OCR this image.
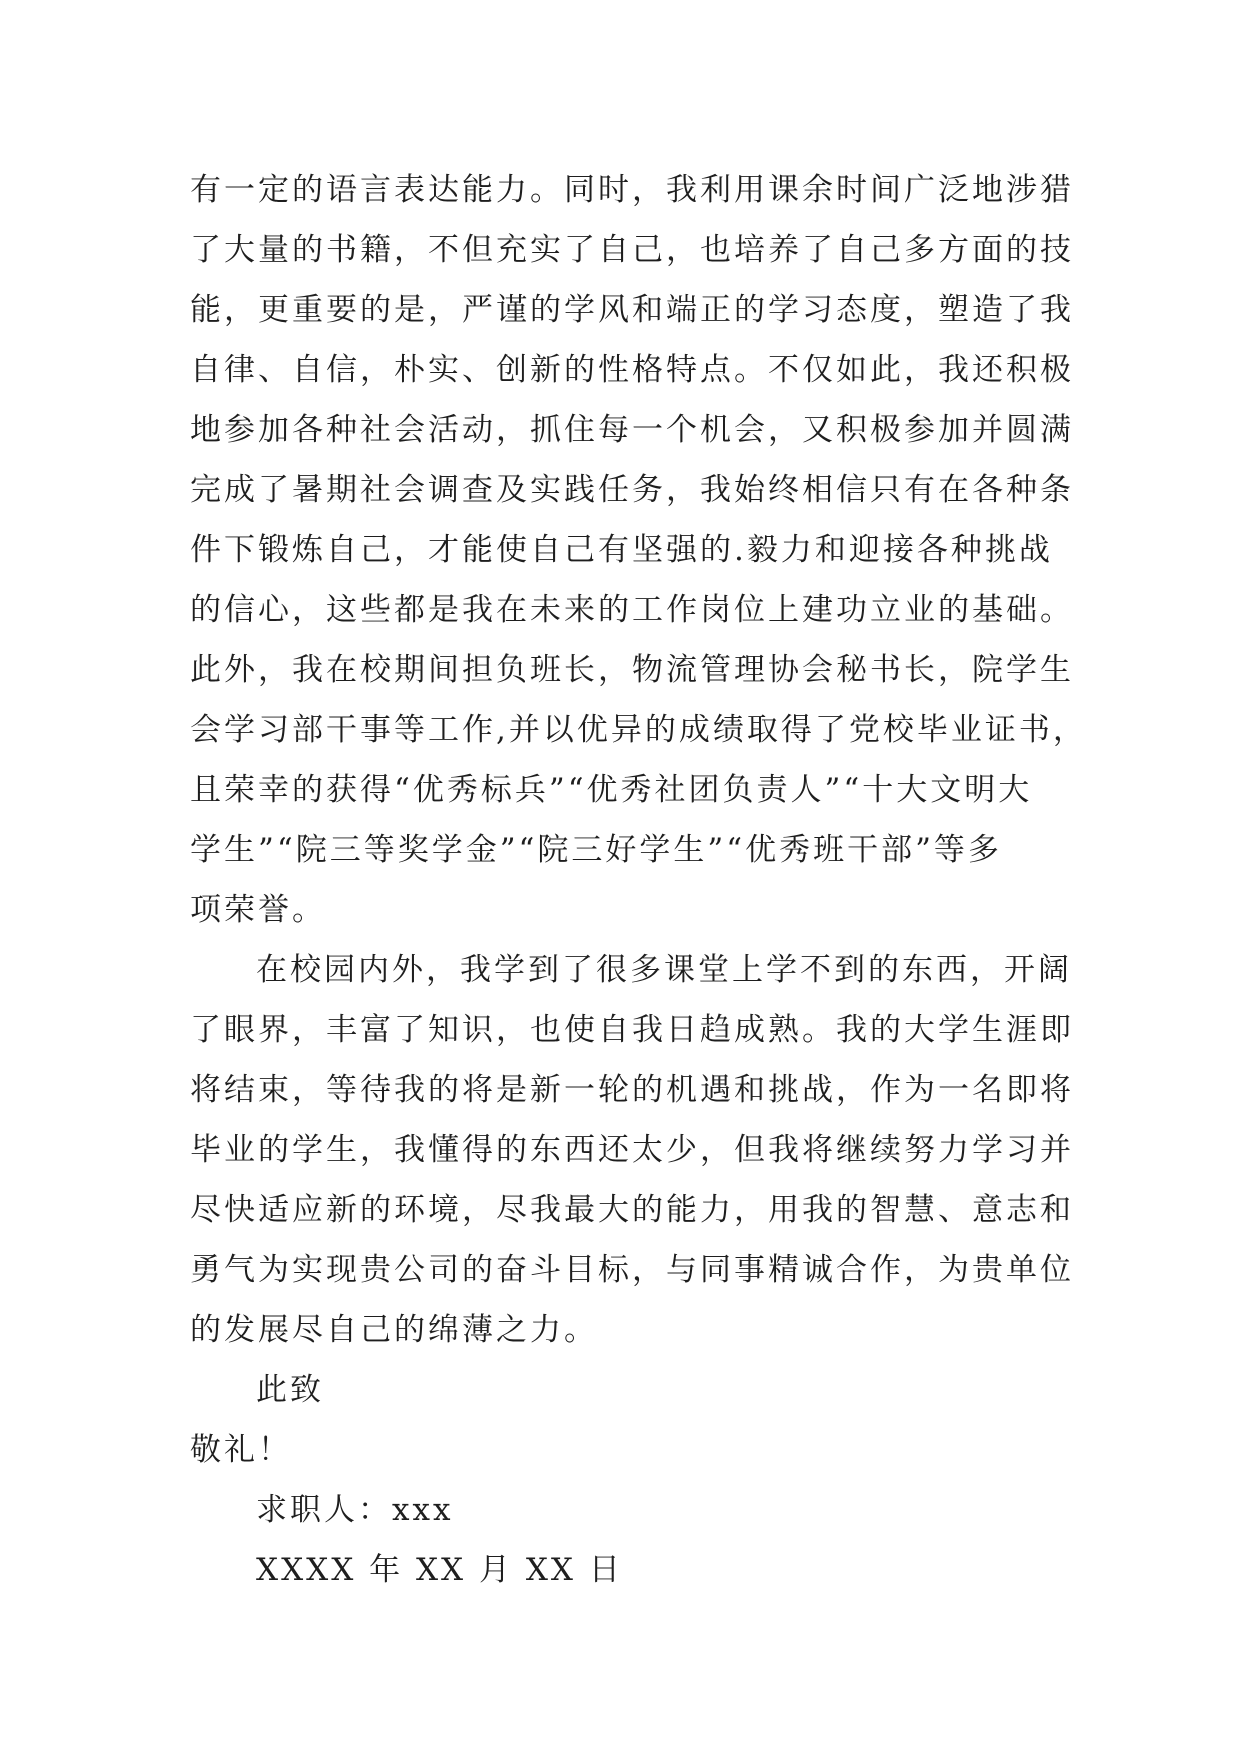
有一定的语言表达能力。同时，我利用课余时间广泛地涉猎
了大量的书籍，不但充实了自己，也培养了自己多方面的技
能，更重要的是，严谨的学风和端正的学习态度，塑造了我
自律、自信，朴实、创新的性格特点。不仅如此，我还积极
地参加各种社会活动，抓住每一个机会，又积极参加并圆满
完成了暑期社会调查及实践任务，我始终相信只有在各种条
件下锻炼自己，才能使自己有坚强的.毅力和迎接各种挑战
的信心，这些都是我在未来的工作岗位上建功立业的基础。
此外，我在校期间担负班长，物流管理协会秘书长，院学生
会学习部干事等工作,并以优异的成绩取得了党校毕业证书，
且荣幸的获得“优秀标兵”“优秀社团负责人”“十大文明大
学生”“院三等奖学金”“院三好学生”“优秀班干部”等多
项荣誉。
在校园内外，我学到了很多课堂上学不到的东西，开阔
了眼界，丰富了知识，也使自我日趋成熟。我的大学生涯即
将结束，等待我的将是新一轮的机遇和挑战，作为一名即将
毕业的学生，我懂得的东西还太少，但我将继续努力学习并
尽快适应新的环境，尽我最大的能力，用我的智慧、意志和
勇气为实现贵公司的奋斗目标，与同事精诚合作，为贵单位
的发展尽自己的绵薄之力。
此致
敬礼！
求职人：xxx
XXXX 年 XX 月 XX 日
